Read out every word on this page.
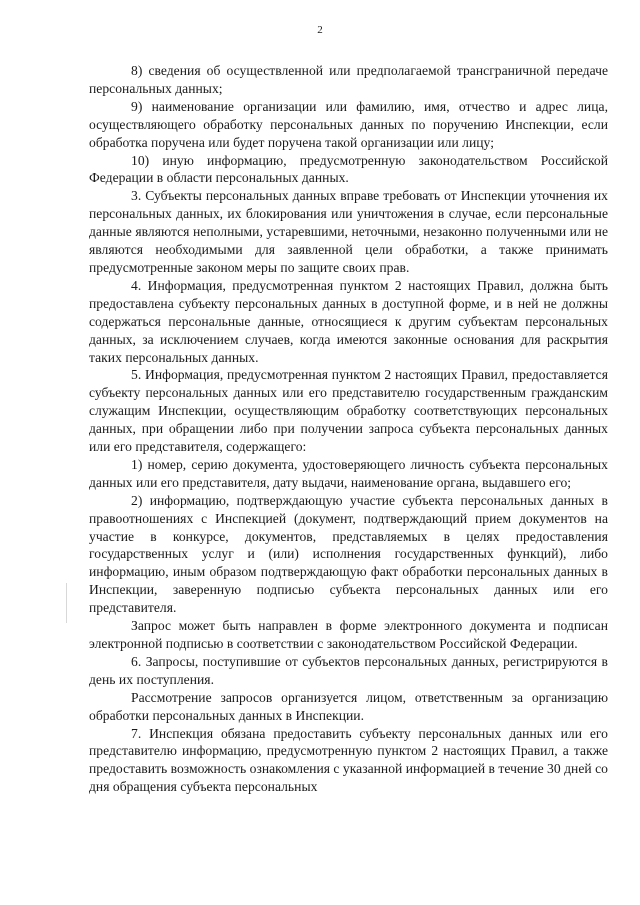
2

8) сведения об осуществленной или предполагаемой трансграничной передаче персональных данных;

9) наименование организации или фамилию, имя, отчество и адрес лица, осуществляющего обработку персональных данных по поручению Инспекции, если обработка поручена или будет поручена такой организации или лицу;

10) иную информацию, предусмотренную законодательством Российской Федерации в области персональных данных.

3. Субъекты персональных данных вправе требовать от Инспекции уточнения их персональных данных, их блокирования или уничтожения в случае, если персональные данные являются неполными, устаревшими, неточными, незаконно полученными или не являются необходимыми для заявленной цели обработки, а также принимать предусмотренные законом меры по защите своих прав.

4. Информация, предусмотренная пунктом 2 настоящих Правил, должна быть предоставлена субъекту персональных данных в доступной форме, и в ней не должны содержаться персональные данные, относящиеся к другим субъектам персональных данных, за исключением случаев, когда имеются законные основания для раскрытия таких персональных данных.

5. Информация, предусмотренная пунктом 2 настоящих Правил, предоставляется субъекту персональных данных или его представителю государственным гражданским служащим Инспекции, осуществляющим обработку соответствующих персональных данных, при обращении либо при получении запроса субъекта персональных данных или его представителя, содержащего:

1) номер, серию документа, удостоверяющего личность субъекта персональных данных или его представителя, дату выдачи, наименование органа, выдавшего его;

2) информацию, подтверждающую участие субъекта персональных данных в правоотношениях с Инспекцией (документ, подтверждающий прием документов на участие в конкурсе, документов, представляемых в целях предоставления государственных услуг и (или) исполнения государственных функций), либо информацию, иным образом подтверждающую факт обработки персональных данных в Инспекции, заверенную подписью субъекта персональных данных или его представителя.

Запрос может быть направлен в форме электронного документа и подписан электронной подписью в соответствии с законодательством Российской Федерации.

6. Запросы, поступившие от субъектов персональных данных, регистрируются в день их поступления.

Рассмотрение запросов организуется лицом, ответственным за организацию обработки персональных данных в Инспекции.

7. Инспекция обязана предоставить субъекту персональных данных или его представителю информацию, предусмотренную пунктом 2 настоящих Правил, а также предоставить возможность ознакомления с указанной информацией в течение 30 дней со дня обращения субъекта персональных
